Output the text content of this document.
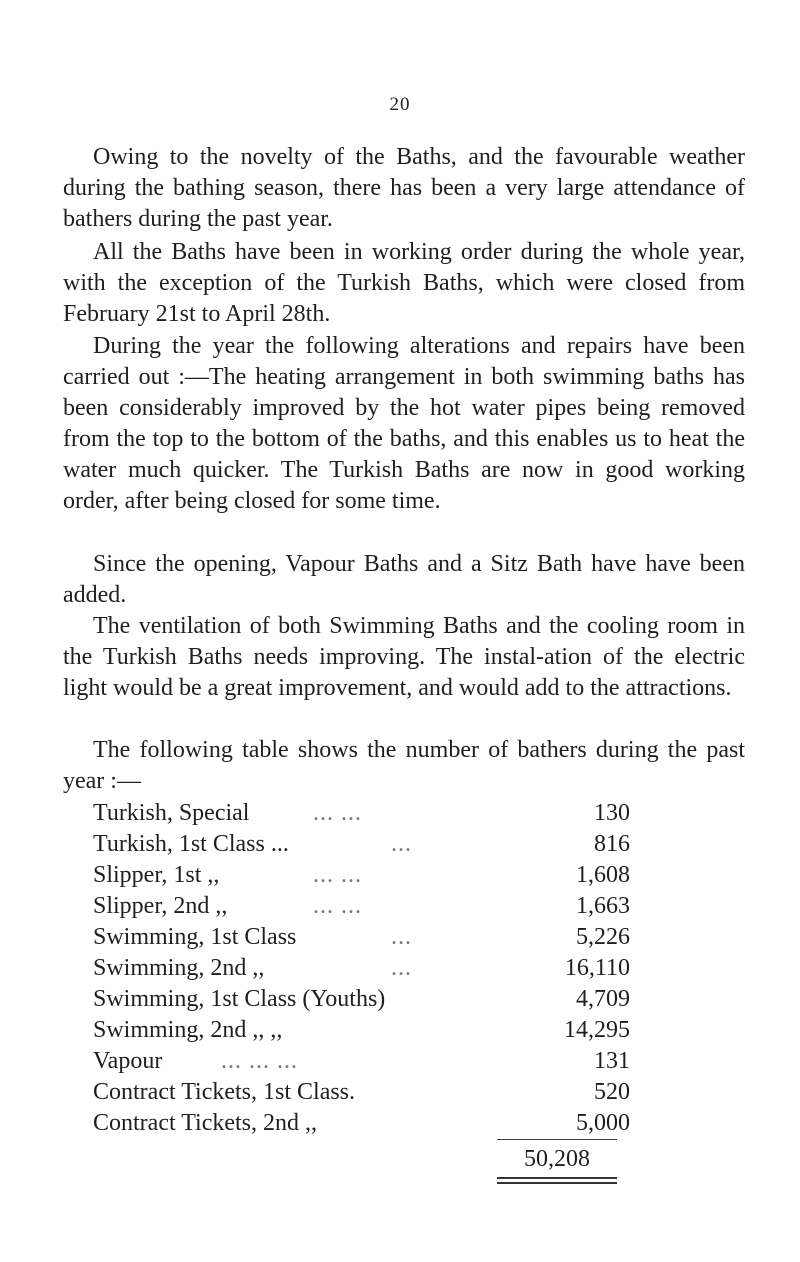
20

Owing to the novelty of the Baths, and the favourable weather during the bathing season, there has been a very large attendance of bathers during the past year.

All the Baths have been in working order during the whole year, with the exception of the Turkish Baths, which were closed from February 21st to April 28th.

During the year the following alterations and repairs have been carried out :—The heating arrangement in both swimming baths has been considerably improved by the hot water pipes being removed from the top to the bottom of the baths, and this enables us to heat the water much quicker. The Turkish Baths are now in good working order, after being closed for some time.

Since the opening, Vapour Baths and a Sitz Bath have have been added.

The ventilation of both Swimming Baths and the cooling room in the Turkish Baths needs improving. The instal-ation of the electric light would be a great improvement, and would add to the attractions.

The following table shows the number of bathers during the past year :—

Turkish, Special	... ...	130
Turkish, 1st Class ...	...	816
Slipper, 1st ,,	... ...	1,608
Slipper, 2nd ,,	... ...	1,663
Swimming, 1st Class	...	5,226
Swimming, 2nd ,,	...	16,110
Swimming, 1st Class (Youths)	4,709
Swimming, 2nd ,, ,,	14,295
Vapour ... ... ...	131
Contract Tickets, 1st Class.	520
Contract Tickets, 2nd ,,	5,000
50,208
